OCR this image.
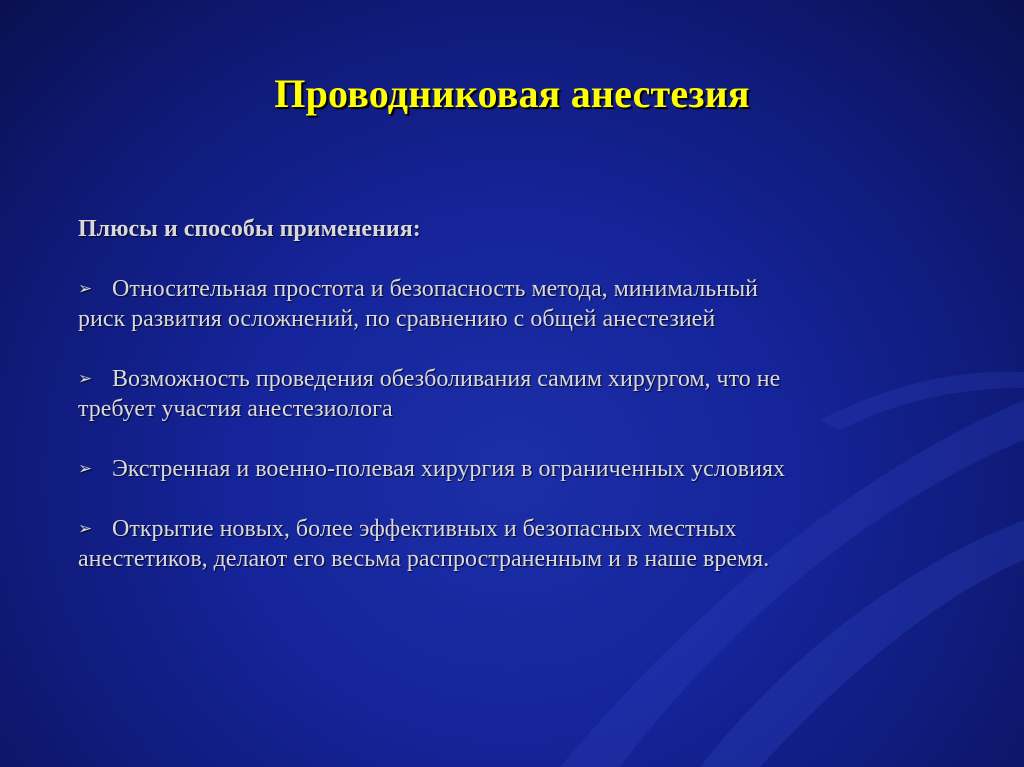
Проводниковая анестезия
Плюсы и способы применения:
➢ Относительная простота и безопасность метода, минимальный
риск развития осложнений, по сравнению с общей анестезией
➢ Возможность проведения обезболивания самим хирургом, что не
требует участия анестезиолога
➢ Экстренная и военно-полевая хирургия в ограниченных условиях
➢ Открытие новых, более эффективных и безопасных местных
анестетиков, делают его весьма распространенным и в наше время.
